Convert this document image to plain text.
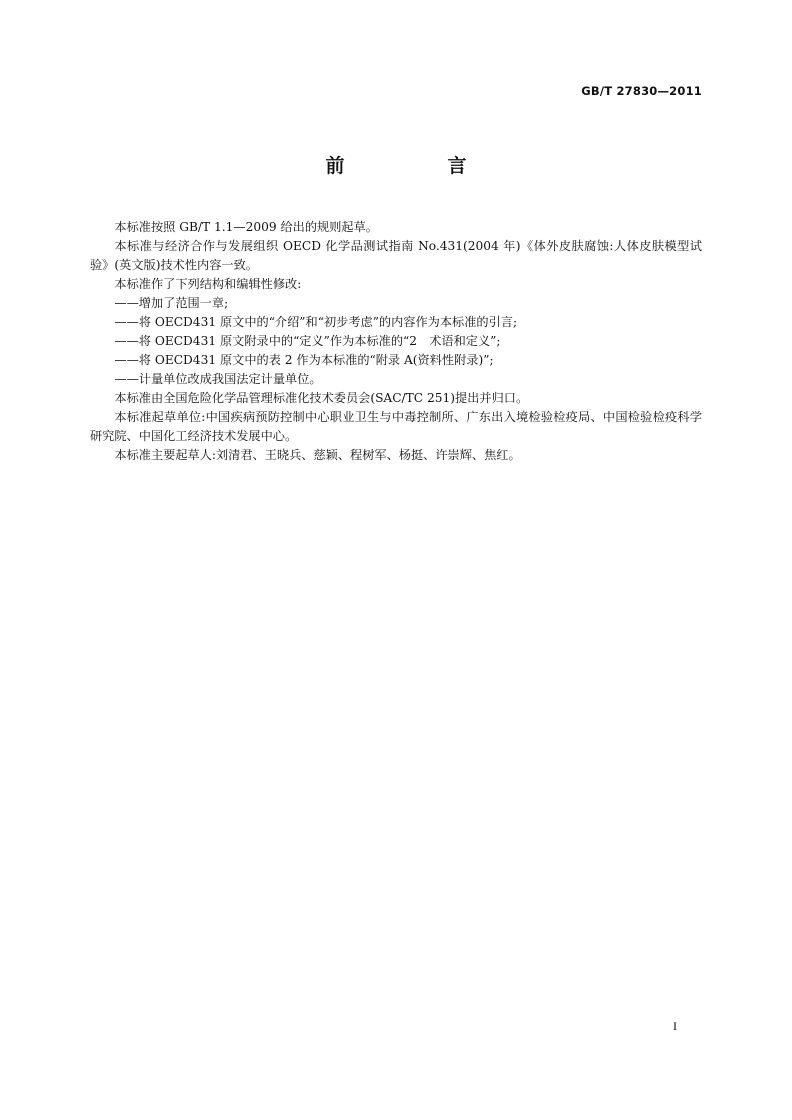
GB/T 27830—2011
前　言

本标准按照 GB/T 1.1—2009 给出的规则起草。

本标准与经济合作与发展组织 OECD 化学品测试指南 No.431(2004 年)《体外皮肤腐蚀:人体皮肤模型试验》(英文版)技术性内容一致。

本标准作了下列结构和编辑性修改:

——增加了范围一章;

——将 OECD431 原文中的“介绍”和“初步考虑”的内容作为本标准的引言;

——将 OECD431 原文附录中的“定义”作为本标准的“2　术语和定义”;

——将 OECD431 原文中的表 2 作为本标准的“附录 A(资料性附录)”;

——计量单位改成我国法定计量单位。

本标准由全国危险化学品管理标准化技术委员会(SAC/TC 251)提出并归口。

本标准起草单位:中国疾病预防控制中心职业卫生与中毒控制所、广东出入境检验检疫局、中国检验检疫科学研究院、中国化工经济技术发展中心。

本标准主要起草人:刘清君、王晓兵、慈颖、程树军、杨挺、许崇辉、焦红。

I
